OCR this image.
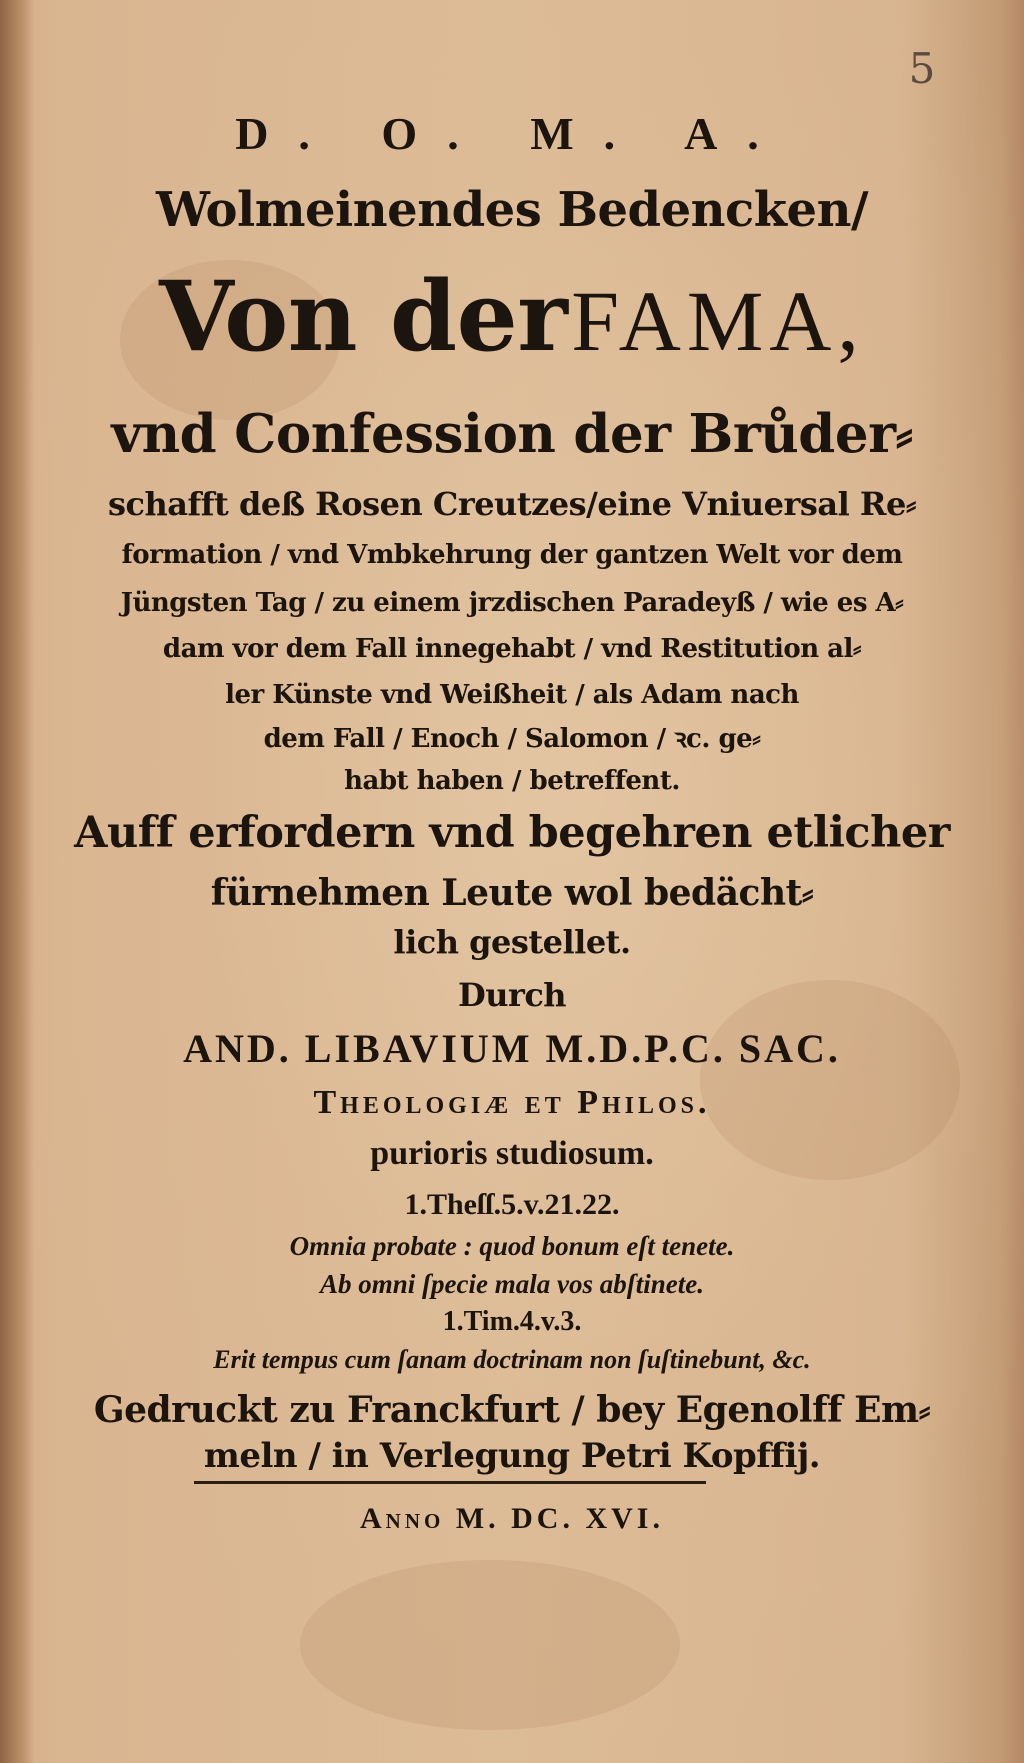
5
D. O. M. A.
Wolmeinendes Bedencken/
Von der FAMA,
vnd Confession der Brůder⸗
schafft deß Rosen Creutzes/eine Vniuersal Re⸗
formation / vnd Vmbkehrung der gantzen Welt vor dem
Jüngsten Tag / zu einem jrzdischen Paradeyß / wie es A⸗
dam vor dem Fall innegehabt / vnd Restitution al⸗
ler Künste vnd Weißheit / als Adam nach
dem Fall / Enoch / Salomon / ꝛc. ge⸗
habt haben / betreffent.
Auff erfordern vnd begehren etlicher
fürnehmen Leute wol bedächt⸗
lich gestellet.
Durch
AND. LIBAVIUM M.D.P.C. SAC.
Theologiæ et Philos.
purioris studiosum.
1.Theſſ.5.v.21.22.
Omnia probate : quod bonum eſt tenete.
Ab omni ſpecie mala vos abſtinete.
1.Tim.4.v.3.
Erit tempus cum ſanam doctrinam non ſuſtinebunt, &c.
Gedruckt zu Franckfurt / bey Egenolff Em⸗
meln / in Verlegung Petri Kopffij.
Anno M. DC. XVI.
